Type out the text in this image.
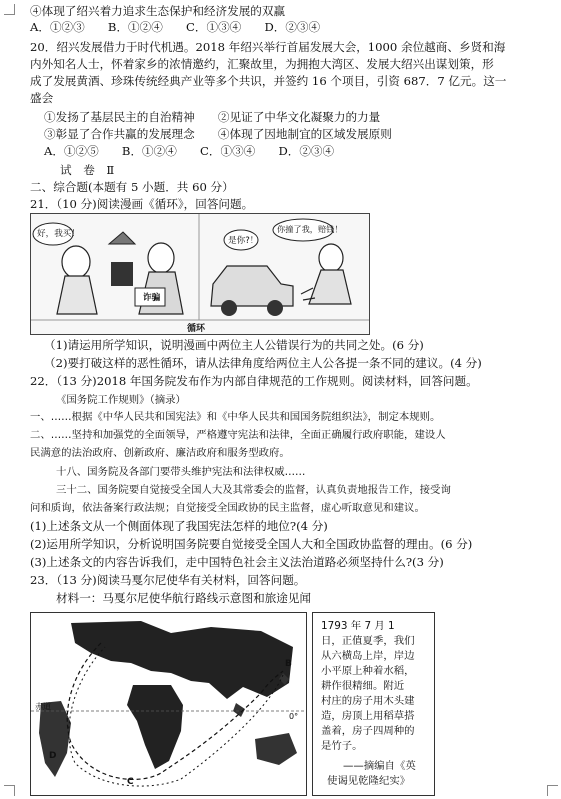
④体现了绍兴着力追求生态保护和经济发展的双赢
A．①②③　　B．①②④　　C．①③④　　D．②③④
20．绍兴发展借力于时代机遇。2018 年绍兴举行首届发展大会，1000 余位越商、乡贤和海
内外知名人士，怀着家乡的浓情邀约，汇聚故里，为拥抱大湾区、发展大绍兴出谋划策，形
成了发展黄酒、珍珠传统经典产业等多个共识，并签约 16 个项目，引资 687．7 亿元。这一
盛会
①发扬了基层民主的自治精神　　②见证了中华文化凝聚力的力量
③彰显了合作共赢的发展理念　　④体现了因地制宜的区域发展原则
A．①②⑤　　B．①②④　　C．①③④　　D．②③④
试　卷　Ⅱ
二、综合题(本题有 5 小题．共 60 分）
21．（10 分)阅读漫画《循环》，回答问题。
好，我买！
是你?！
你撞了我，赔钱！
诈骗
循环
（1)请运用所学知识，说明漫画中两位主人公错误行为的共同之处。(6 分)
（2)要打破这样的恶性循环，请从法律角度给两位主人公各提一条不同的建议。(4 分)
22．（13 分)2018 年国务院发布作为内部自律规范的工作规则。阅读材料，回答问题。
《国务院工作规则》（摘录）
一、……根据《中华人民共和国宪法》和《中华人民共和国国务院组织法》，制定本规则。
二、……坚持和加强党的全面领导，严格遵守宪法和法律，全面正确履行政府职能，建设人
民满意的法治政府、创新政府、廉洁政府和服务型政府。
十八、国务院及各部门要带头维护宪法和法律权威……
三十二、国务院要自觉接受全国人大及其常委会的监督，认真负责地报告工作，接受询
问和质询，依法备案行政法规；自觉接受全国政协的民主监督，虚心听取意见和建议。
(1)上述条文从一个侧面体现了我国宪法怎样的地位?(4 分)
(2)运用所学知识，分析说明国务院要自觉接受全国人大和全国政协监督的理由。(6 分)
(3)上述条文的内容告诉我们，走中国特色社会主义法治道路必须坚持什么?(3 分)
23．（13 分)阅读马戛尔尼使华有关材料，回答问题。
材料一：马戛尔尼使华航行路线示意图和旅途见闻
A
B
C
D
赤道
0°
1793 年 7 月 1
日，正值夏季，我们
从六横岛上岸，岸边
小平原上种着水稻，
耕作很精细。附近
村庄的房子用木头建
造，房顶上用稻草搭
盖着，房子四周种的
是竹子。
——摘编自《英
使谒见乾隆纪实》
